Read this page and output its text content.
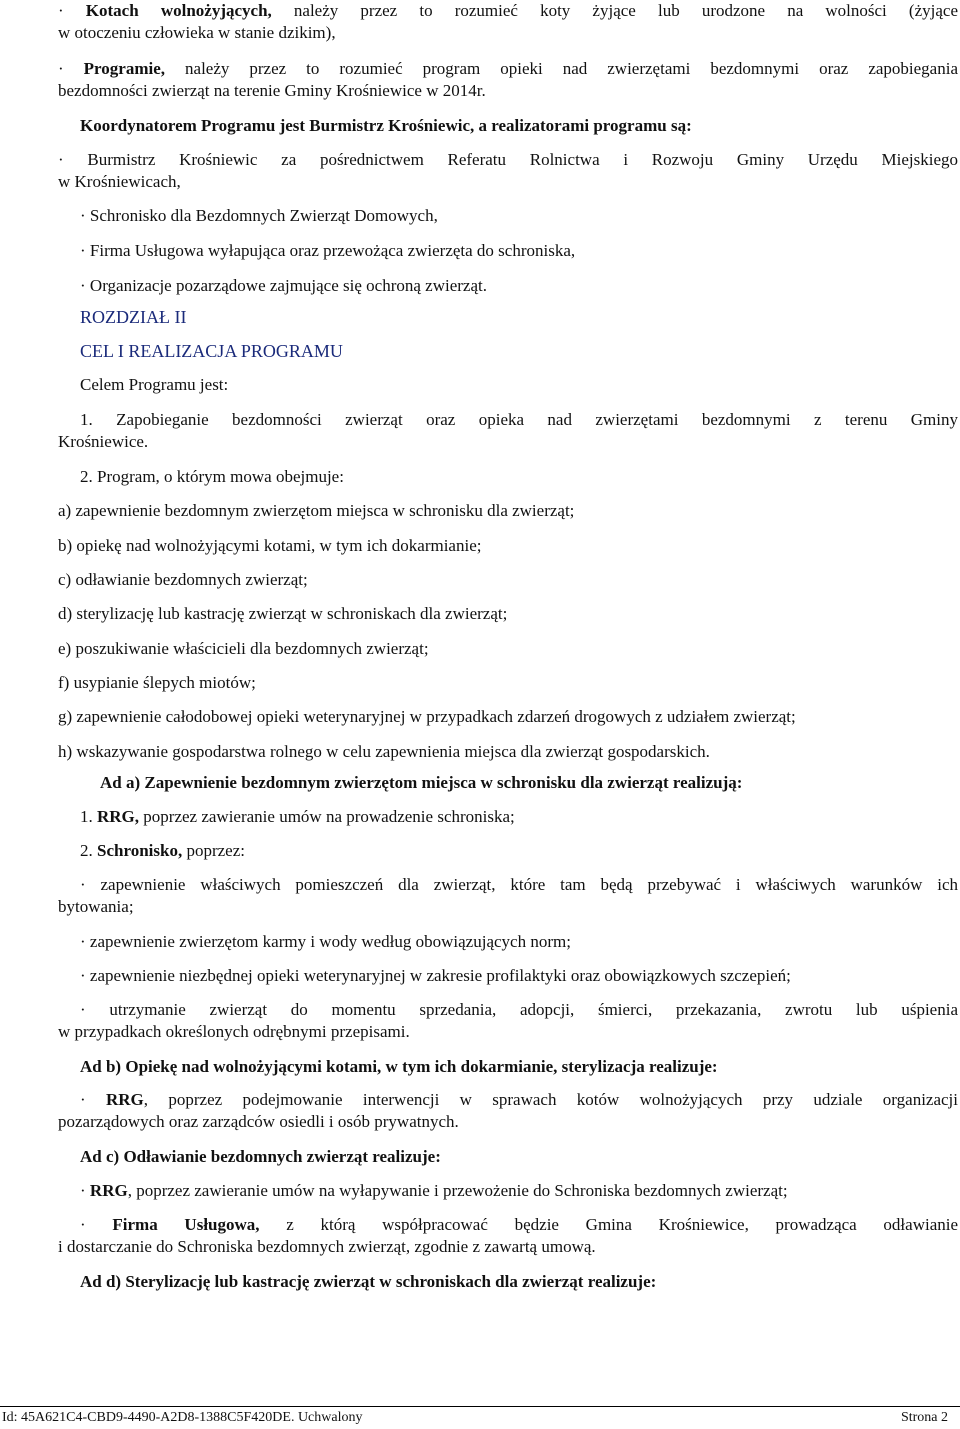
· Kotach wolnożyjących, należy przez to rozumieć koty żyjące lub urodzone na wolności (żyjące
w otoczeniu człowieka w stanie dzikim),
· Programie, należy przez to rozumieć program opieki nad zwierzętami bezdomnymi oraz zapobiegania
bezdomności zwierząt na terenie Gminy Krośniewice w 2014r.
Koordynatorem Programu jest Burmistrz Krośniewic, a realizatorami programu są:
· Burmistrz Krośniewic za pośrednictwem Referatu Rolnictwa i Rozwoju Gminy Urzędu Miejskiego
w Krośniewicach,
· Schronisko dla Bezdomnych Zwierząt Domowych,
· Firma Usługowa wyłapująca oraz przewożąca zwierzęta do schroniska,
· Organizacje pozarządowe zajmujące się ochroną zwierząt.
ROZDZIAŁ II
CEL I REALIZACJA PROGRAMU
Celem Programu jest:
1. Zapobieganie bezdomności zwierząt oraz opieka nad zwierzętami bezdomnymi z terenu Gminy
Krośniewice.
2. Program, o którym mowa obejmuje:
a) zapewnienie bezdomnym zwierzętom miejsca w schronisku dla zwierząt;
b) opiekę nad wolnożyjącymi kotami, w tym ich dokarmianie;
c) odławianie bezdomnych zwierząt;
d) sterylizację lub kastrację zwierząt w schroniskach dla zwierząt;
e) poszukiwanie właścicieli dla bezdomnych zwierząt;
f) usypianie ślepych miotów;
g) zapewnienie całodobowej opieki weterynaryjnej w przypadkach zdarzeń drogowych z udziałem zwierząt;
h) wskazywanie gospodarstwa rolnego w celu zapewnienia miejsca dla zwierząt gospodarskich.
Ad a) Zapewnienie bezdomnym zwierzętom miejsca w schronisku dla zwierząt realizują:
1. RRG, poprzez zawieranie umów na prowadzenie schroniska;
2. Schronisko, poprzez:
· zapewnienie właściwych pomieszczeń dla zwierząt, które tam będą przebywać i właściwych warunków ich
bytowania;
· zapewnienie zwierzętom karmy i wody według obowiązujących norm;
· zapewnienie niezbędnej opieki weterynaryjnej w zakresie profilaktyki oraz obowiązkowych szczepień;
· utrzymanie zwierząt do momentu sprzedania, adopcji, śmierci, przekazania, zwrotu lub uśpienia
w przypadkach określonych odrębnymi przepisami.
Ad b) Opiekę nad wolnożyjącymi kotami, w tym ich dokarmianie, sterylizacja realizuje:
· RRG, poprzez podejmowanie interwencji w sprawach kotów wolnożyjących przy udziale organizacji
pozarządowych oraz zarządców osiedli i osób prywatnych.
Ad c) Odławianie bezdomnych zwierząt realizuje:
· RRG, poprzez zawieranie umów na wyłapywanie i przewożenie do Schroniska bezdomnych zwierząt;
· Firma Usługowa, z którą współpracować będzie Gmina Krośniewice, prowadząca odławianie
i dostarczanie do Schroniska bezdomnych zwierząt, zgodnie z zawartą umową.
Ad d) Sterylizację lub kastrację zwierząt w schroniskach dla zwierząt realizuje:
Id: 45A621C4-CBD9-4490-A2D8-1388C5F420DE. Uchwalony	Strona 2
